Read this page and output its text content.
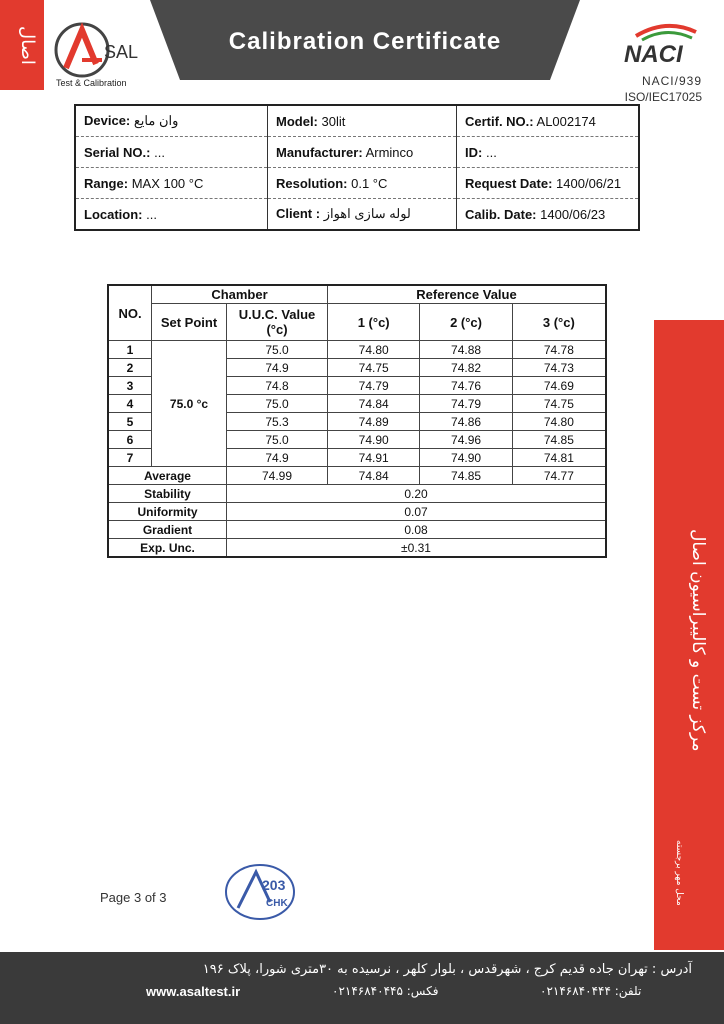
اصال	SAL
Test & Calibration
Calibration Certificate	NACI
NACI/939
ISO/IEC17025
Device: وان مایع	Model: 30lit	Certif. NO.: AL002174
Serial NO.: ...	Manufacturer: Arminco	ID: ...
Range: MAX 100 °C	Resolution: 0.1 °C	Request Date: 1400/06/21
Location: ...	Client : لوله سازی اهواز	Calib. Date: 1400/06/23
NO.	Chamber		Reference Value		
	Set Point	U.U.C. Value (°c)	1 (°c)	2 (°c)	3 (°c)
1	75.0 °c	75.0	74.80	74.88	74.78
2		74.9	74.75	74.82	74.73
3		74.8	74.79	74.76	74.69
4		75.0	74.84	74.79	74.75
5		75.3	74.89	74.86	74.80
6		75.0	74.90	74.96	74.85
7		74.9	74.91	74.90	74.81
Average		74.99	74.84	74.85	74.77
Stability		0.20			
Uniformity		0.07			
Gradient		0.08			
Exp. Unc.		±0.31				مرکز تست و کالیبراسیون اصال
محل مهر برجسته
Page 3 of 3
203
CHK
آدرس : تهران جاده قدیم کرج ، شهرقدس ، بلوار کلهر ، نرسیده به ۳۰متری شورا، پلاک ۱۹۶
www.asaltest.ir	فکس: ۰۲۱۴۶۸۴۰۴۴۵	تلفن: ۰۲۱۴۶۸۴۰۴۴۴
